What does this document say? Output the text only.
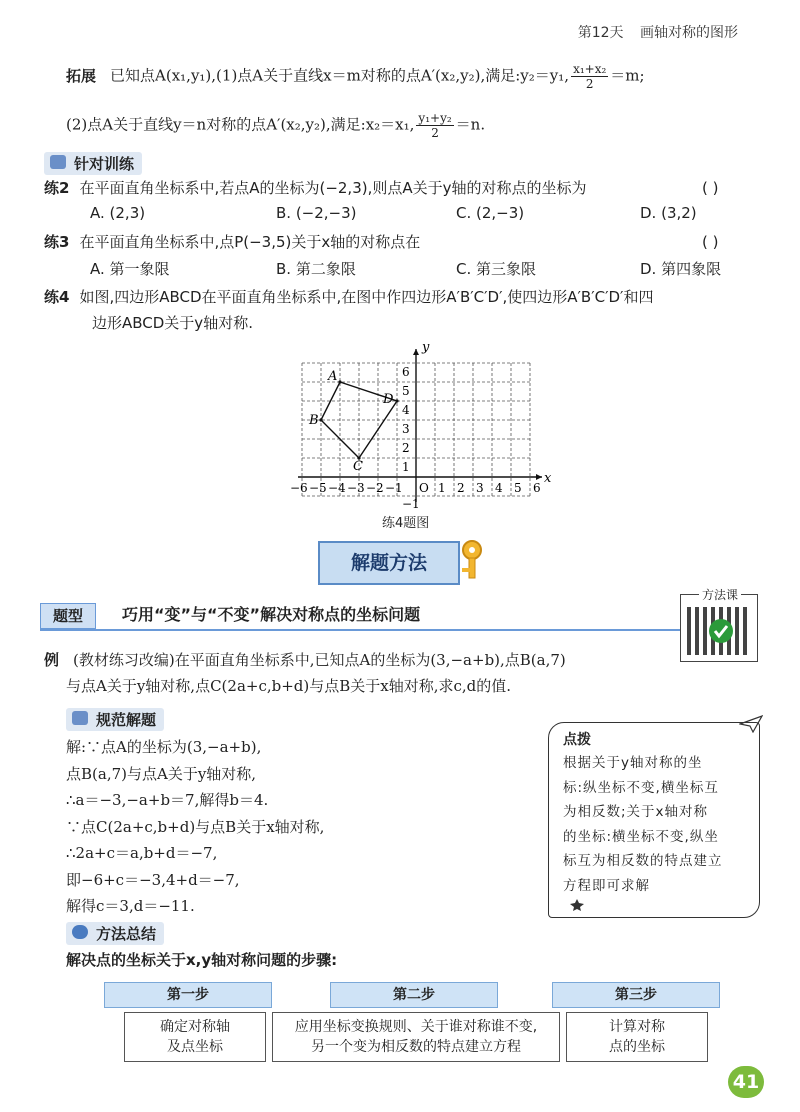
第12天 画轴对称的图形
拓展 已知点A(x₁,y₁),(1)点A关于直线x＝m对称的点A′(x₂,y₂),满足:y₂＝y₁, $\frac{\text{x₁+x₂}}{2} =m$;
(2)点A关于直线y＝n对称的点A′(x₂,y₂),满足:x₂＝x₁, $\frac{\text{y₁+y₂}}{2} =n$.
针对训练
练2 在平面直角坐标系中,若点A的坐标为(−2,3),则点A关于y轴的对称点的坐标为	( )
A. (2,3)	B. (−2,−3)	C. (2,−3)	D. (3,2)
练3 在平面直角坐标系中,点P(−3,5)关于x轴的对称点在	( )
A. 第一象限	B. 第二象限	C. 第三象限	D. 第四象限
练4 如图,四边形ABCD在平面直角坐标系中,在图中作四边形A′B′C′D′,使四边形A′B′C′D′和四
边形ABCD关于y轴对称.
x
y
−6 −5 −4 −3 −2 −1 O 1 2 3 4 5 6
6
5
4
3
2
1
−1
A
D
C
B
练4题图
解题方法
题型	巧用“变”与“不变”解决对称点的坐标问题
方法课
例 (教材练习改编)在平面直角坐标系中,已知点A的坐标为(3,−a+b),点B(a,7)
与点A关于y轴对称,点C(2a+c,b+d)与点B关于x轴对称,求c,d的值.
规范解题
解:∵点A的坐标为(3,−a+b),
点B(a,7)与点A关于y轴对称,
∴a＝−3,−a+b＝7,解得b＝4.
∵点C(2a+c,b+d)与点B关于x轴对称,
∴2a+c＝a,b+d＝−7,
即−6+c＝−3,4+d＝−7,
解得c＝3,d＝−11.
点拨
根据关于y轴对称的坐
标:纵坐标不变,横坐标互
为相反数;关于x轴对称
的坐标:横坐标不变,纵坐
标互为相反数的特点建立
方程即可求解
方法总结
解决点的坐标关于x,y轴对称问题的步骤:
第一步	第二步	第三步
确定对称轴
及点坐标
应用坐标变换规则、关于谁对称谁不变,
另一个变为相反数的特点建立方程
计算对称
点的坐标
41
